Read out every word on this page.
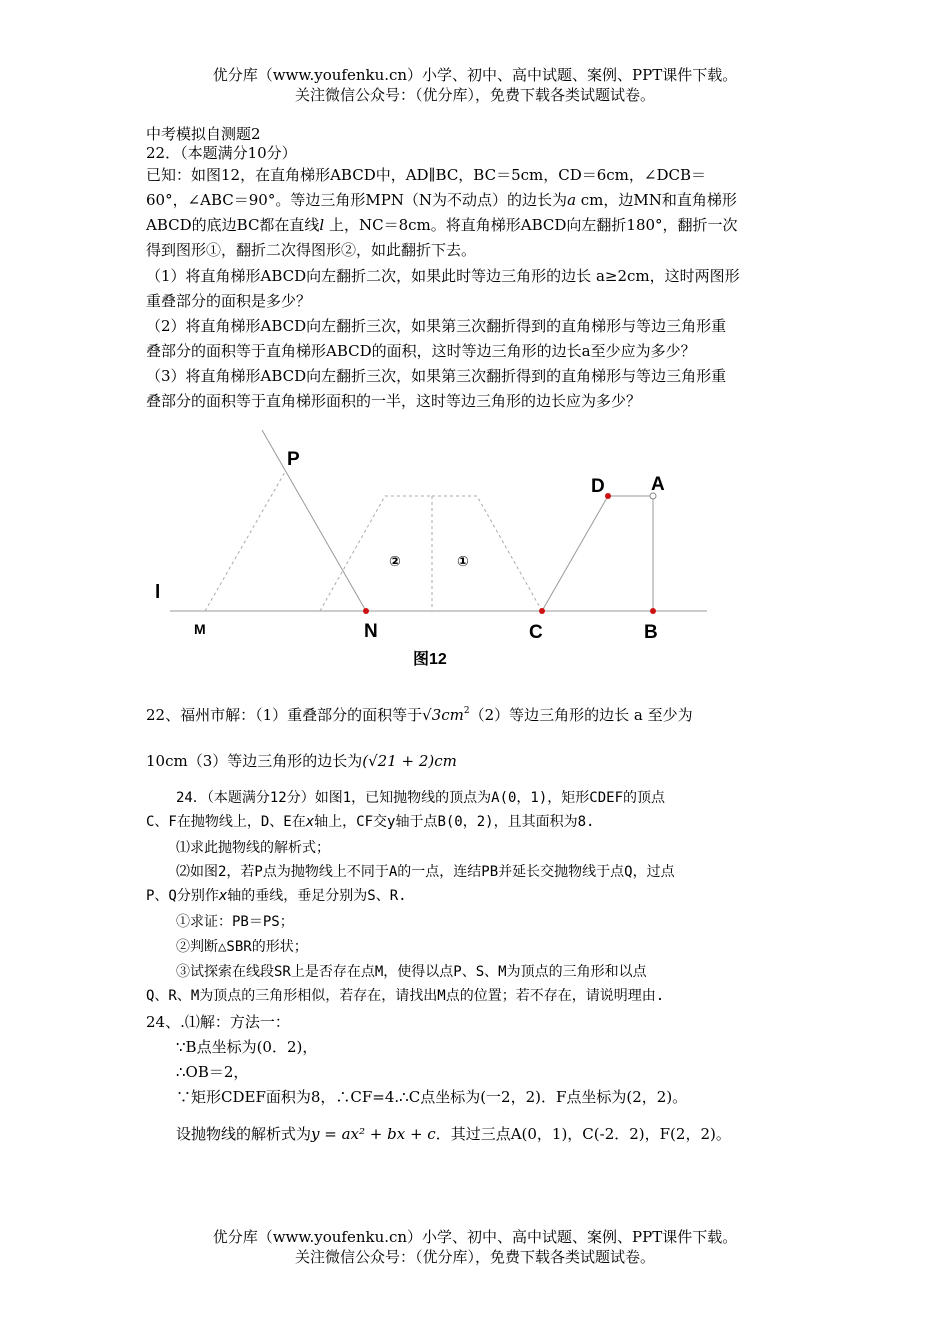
优分库（www.youfenku.cn）小学、初中、高中试题、案例、PPT课件下载。
关注微信公众号：（优分库），免费下载各类试题试卷。
中考模拟自测题2
22．（本题满分10分）
已知：如图12，在直角梯形ABCD中，AD∥BC，BC＝5cm，CD＝6cm，∠DCB＝
60°，∠ABC＝90°。等边三角形MPN（N为不动点）的边长为a cm，边MN和直角梯形
ABCD的底边BC都在直线l 上，NC＝8cm。将直角梯形ABCD向左翻折180°，翻折一次
得到图形①，翻折二次得图形②，如此翻折下去。
（1）将直角梯形ABCD向左翻折二次，如果此时等边三角形的边长 a≥2cm，这时两图形
重叠部分的面积是多少？
（2）将直角梯形ABCD向左翻折三次，如果第三次翻折得到的直角梯形与等边三角形重
叠部分的面积等于直角梯形ABCD的面积，这时等边三角形的边长a至少应为多少？
（3）将直角梯形ABCD向左翻折三次，如果第三次翻折得到的直角梯形与等边三角形重
叠部分的面积等于直角梯形面积的一半，这时等边三角形的边长应为多少？
P
D A
l
M	N	C	B
②	①
图12
22、福州市解：（1）重叠部分的面积等于$√3cm^2(2)$等边三角形的边长 a 至少为
10cm（3）等边三角形的边长为(√21 + 2)cm
24．（本题满分12分）如图1，已知抛物线的顶点为A(0，1)，矩形CDEF的顶点
C、F在抛物线上，D、E在x轴上，CF交y轴于点B(0，2)，且其面积为8.
⑴求此抛物线的解析式；
⑵如图2，若P点为抛物线上不同于A的一点，连结PB并延长交抛物线于点Q，过点
P、Q分别作x轴的垂线，垂足分别为S、R.
①求证：PB＝PS；
②判断△SBR的形状；
③试探索在线段SR上是否存在点M，使得以点P、S、M为顶点的三角形和以点
Q、R、M为顶点的三角形相似，若存在，请找出M点的位置；若不存在，请说明理由.
24、.⑴解：方法一：
∵B点坐标为(0．2)，
∴OB＝2，
∵矩形CDEF面积为8，∴CF=4.∴C点坐标为(一2，2)．F点坐标为(2，2)。
设抛物线的解析式为y = ax² + bx + c．其过三点A(0，1)，C(-2．2)，F(2，2)。
优分库（www.youfenku.cn）小学、初中、高中试题、案例、PPT课件下载。
关注微信公众号：（优分库），免费下载各类试题试卷。
